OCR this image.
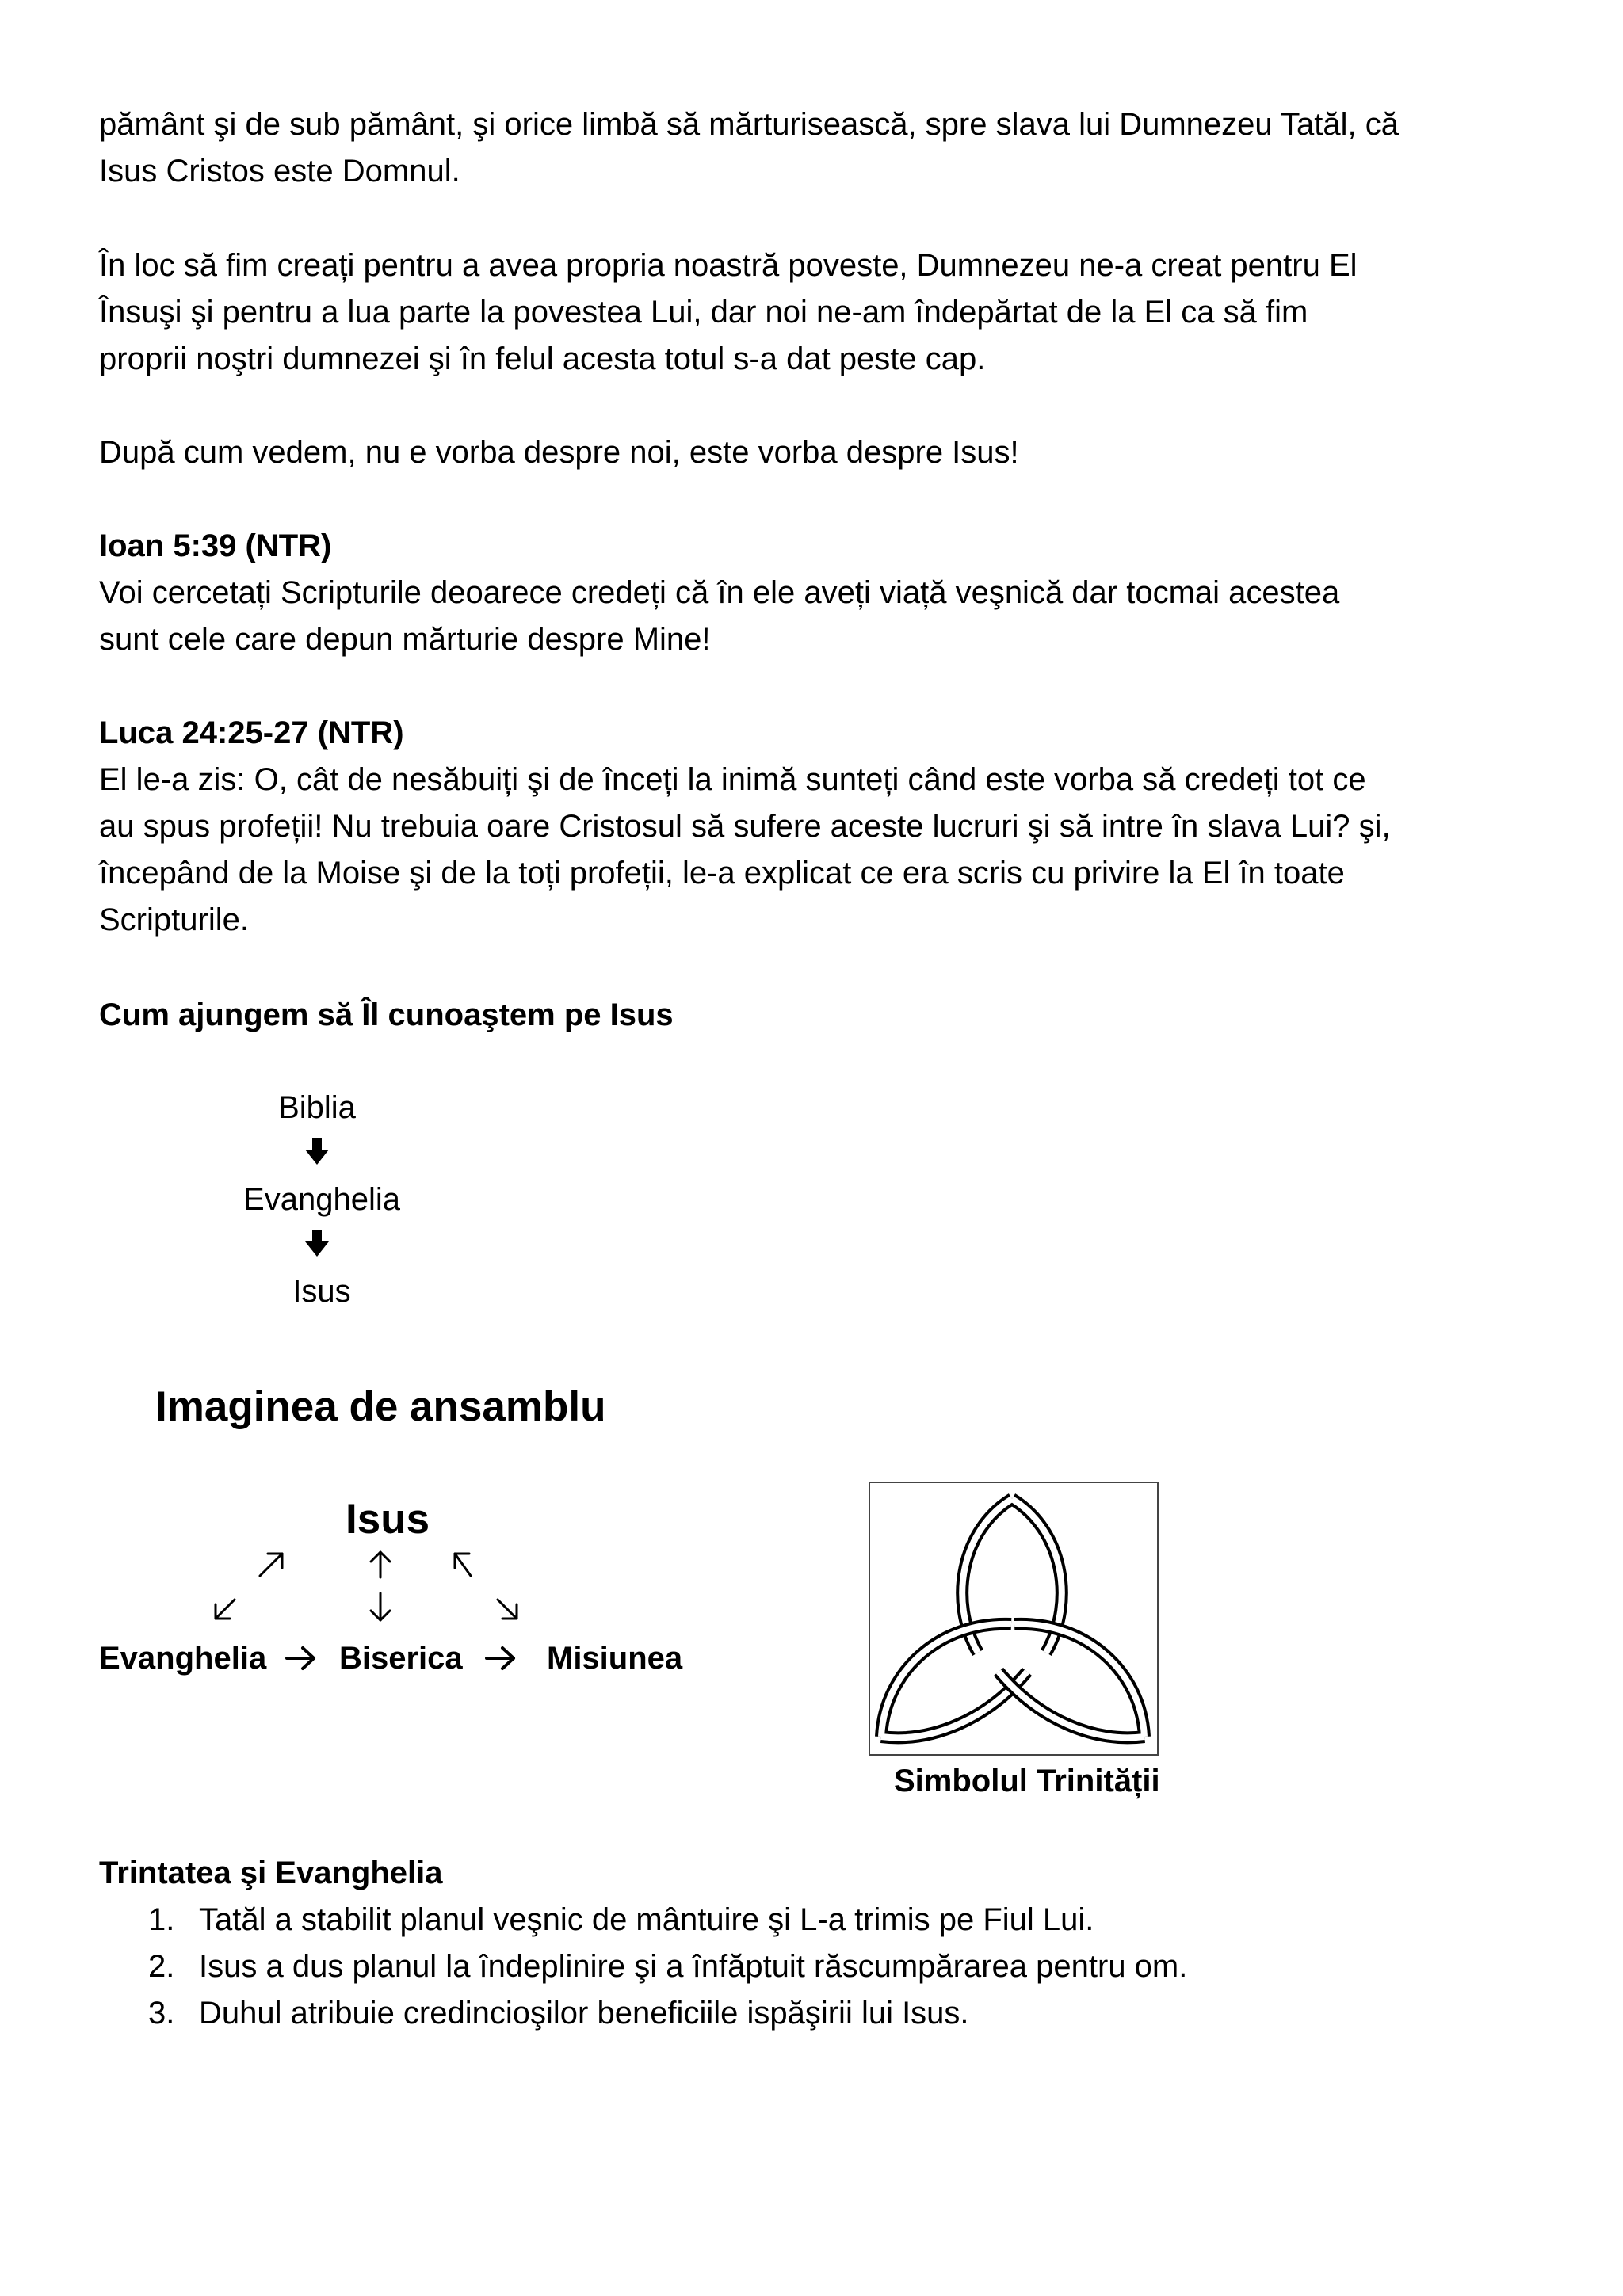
pământ şi de sub pământ, şi orice limbă să mărturisească, spre slava lui Dumnezeu Tatăl, că

Isus Cristos este Domnul.

În loc să fim creați pentru a avea propria noastră poveste, Dumnezeu ne-a creat pentru El

Însuşi şi pentru a lua parte la povestea Lui, dar noi ne-am îndepărtat de la El ca să fim

proprii noştri dumnezei şi în felul acesta totul s-a dat peste cap.

După cum vedem, nu e vorba despre noi, este vorba despre Isus!

Ioan 5:39 (NTR)

Voi cercetați Scripturile deoarece credeți că în ele aveți viață veşnică dar tocmai acestea

sunt cele care depun mărturie despre Mine!

Luca 24:25-27 (NTR)

El le-a zis: O, cât de nesăbuiți şi de înceți la inimă sunteți când este vorba să credeți tot ce

au spus profeții! Nu trebuia oare Cristosul să sufere aceste lucruri şi să intre în slava Lui? şi,

începând de la Moise şi de la toți profeții, le-a explicat ce era scris cu privire la El în toate

Scripturile.

Cum ajungem să Îl cunoaştem pe Isus
Biblia
Evanghelia
Isus
Imaginea de ansamblu
Isus
Evanghelia Biserica	Misiunea
Simbolul Trinității
Trintatea şi Evanghelia
1. Tatăl a stabilit planul veşnic de mântuire şi L-a trimis pe Fiul Lui.
2. Isus a dus planul la îndeplinire şi a înfăptuit răscumpărarea pentru om.
3. Duhul atribuie credincioşilor beneficiile ispăşirii lui Isus.
